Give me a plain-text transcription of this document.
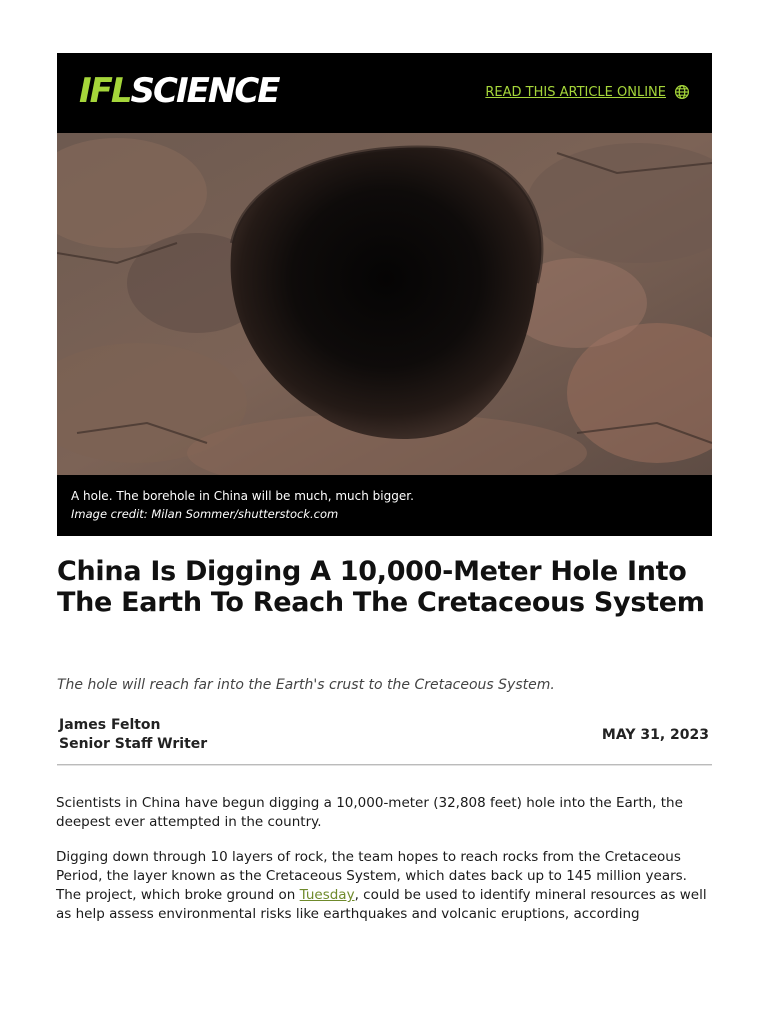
IFLSCIENCE	READ THIS ARTICLE ONLINE
A hole. The borehole in China will be much, much bigger.
Image credit: Milan Sommer/shutterstock.com
China Is Digging A 10,000-Meter Hole Into The Earth To Reach The Cretaceous System

The hole will reach far into the Earth's crust to the Cretaceous System.

James Felton
Senior Staff Writer
MAY 31, 2023

Scientists in China have begun digging a 10,000-meter (32,808 feet) hole into the Earth, the deepest ever attempted in the country.

Digging down through 10 layers of rock, the team hopes to reach rocks from the Cretaceous Period, the layer known as the Cretaceous System, which dates back up to 145 million years. The project, which broke ground on Tuesday, could be used to identify mineral resources as well as help assess environmental risks like earthquakes and volcanic eruptions, according
